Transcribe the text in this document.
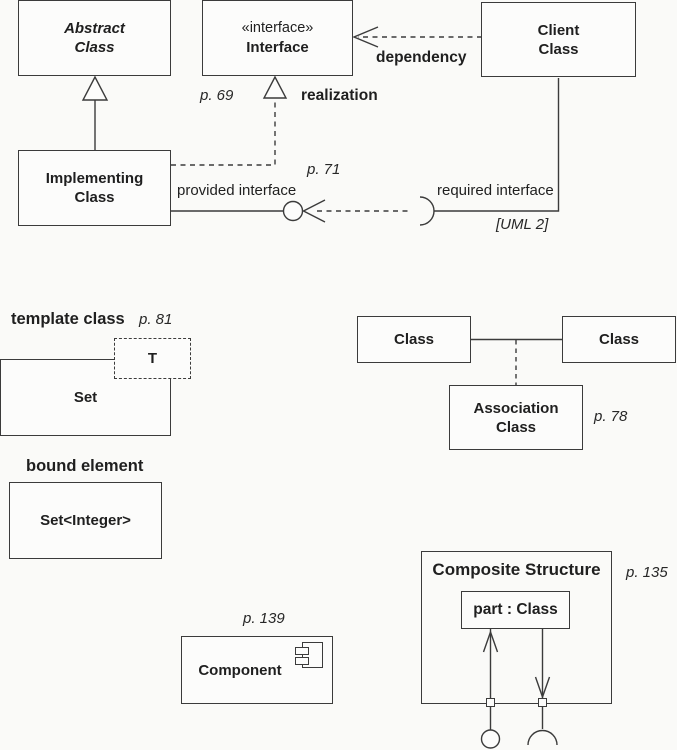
Abstract
Class
«interface»
Interface
Client
Class
Implementing
Class
p. 69	realization
dependency
p. 71
provided interface	required interface
[UML 2]
template class p. 81
Set
T
Class	Class
Association
Class
p. 78
bound element
Set<Integer>
p. 139
Component
Composite Structure	p. 135
part : Class
